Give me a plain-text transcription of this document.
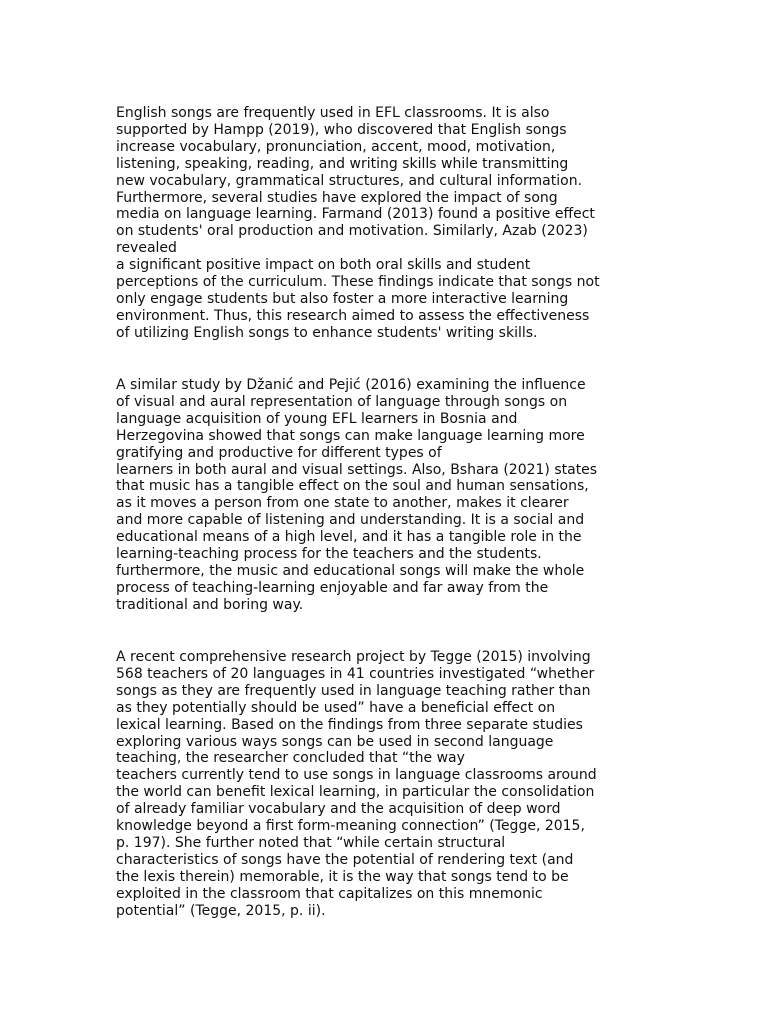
English songs are frequently used in EFL classrooms. It is also
supported by Hampp (2019), who discovered that English songs
increase vocabulary, pronunciation, accent, mood, motivation,
listening, speaking, reading, and writing skills while transmitting
new vocabulary, grammatical structures, and cultural information.
Furthermore, several studies have explored the impact of song
media on language learning. Farmand (2013) found a positive effect
on students' oral production and motivation. Similarly, Azab (2023)
revealed
a significant positive impact on both oral skills and student
perceptions of the curriculum. These findings indicate that songs not
only engage students but also foster a more interactive learning
environment. Thus, this research aimed to assess the effectiveness
of utilizing English songs to enhance students' writing skills.

A similar study by Džanić and Pejić (2016) examining the influence
of visual and aural representation of language through songs on
language acquisition of young EFL learners in Bosnia and
Herzegovina showed that songs can make language learning more
gratifying and productive for different types of
learners in both aural and visual settings. Also, Bshara (2021) states
that music has a tangible effect on the soul and human sensations,
as it moves a person from one state to another, makes it clearer
and more capable of listening and understanding. It is a social and
educational means of a high level, and it has a tangible role in the
learning-teaching process for the teachers and the students.
furthermore, the music and educational songs will make the whole
process of teaching-learning enjoyable and far away from the
traditional and boring way.

A recent comprehensive research project by Tegge (2015) involving
568 teachers of 20 languages in 41 countries investigated “whether
songs as they are frequently used in language teaching rather than
as they potentially should be used” have a beneficial effect on
lexical learning. Based on the findings from three separate studies
exploring various ways songs can be used in second language
teaching, the researcher concluded that “the way
teachers currently tend to use songs in language classrooms around
the world can benefit lexical learning, in particular the consolidation
of already familiar vocabulary and the acquisition of deep word
knowledge beyond a first form-meaning connection” (Tegge, 2015,
p. 197). She further noted that “while certain structural
characteristics of songs have the potential of rendering text (and
the lexis therein) memorable, it is the way that songs tend to be
exploited in the classroom that capitalizes on this mnemonic
potential” (Tegge, 2015, p. ii).
